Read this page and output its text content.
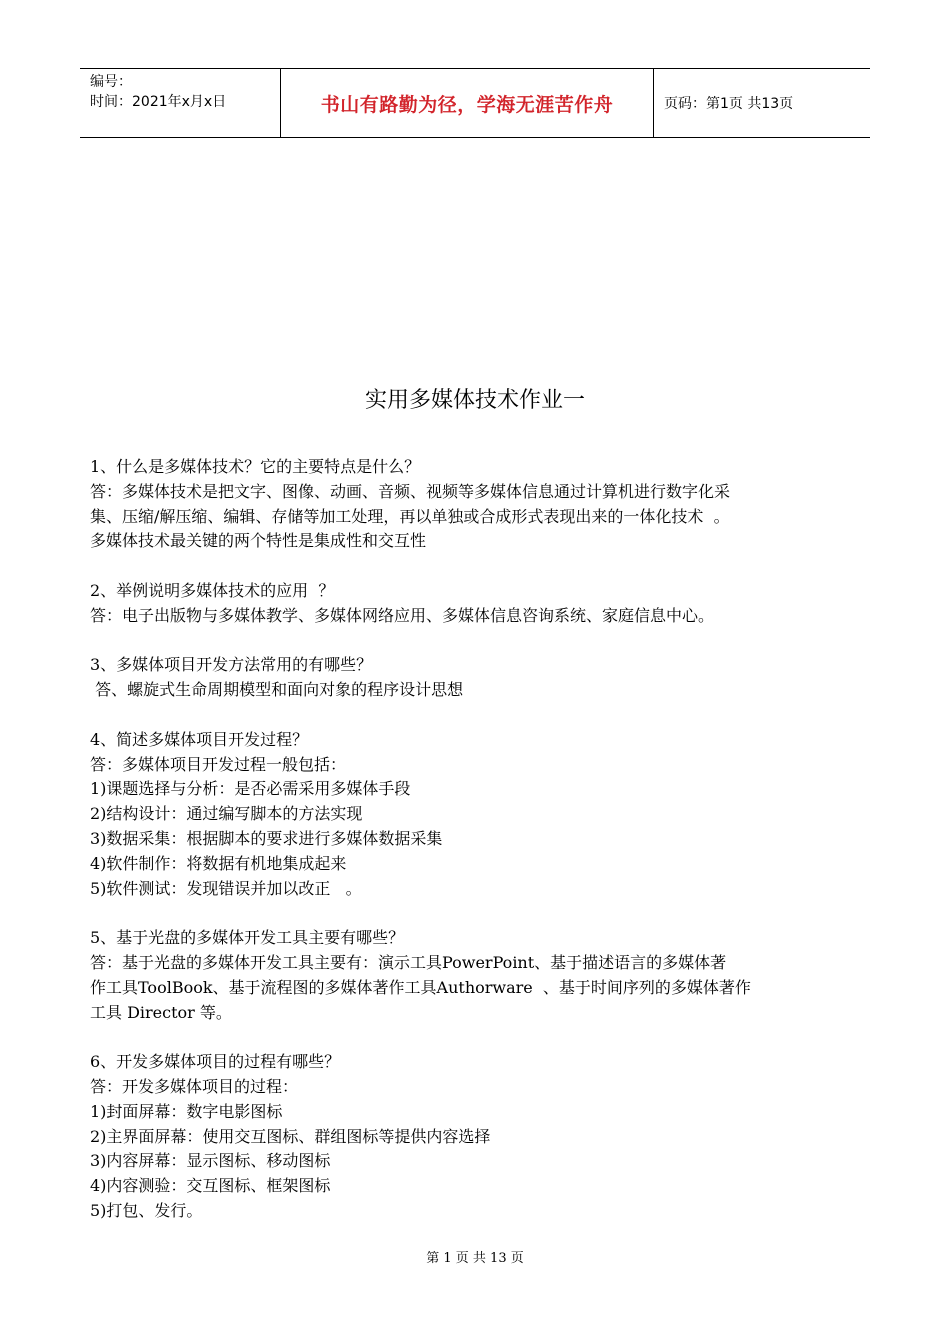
编号：
时间：2021年x月x日	书山有路勤为径，学海无涯苦作舟	页码：第1页 共13页
实用多媒体技术作业一

1、什么是多媒体技术？它的主要特点是什么？

答：多媒体技术是把文字、图像、动画、音频、视频等多媒体信息通过计算机进行数字化采

集、压缩/解压缩、编辑、存储等加工处理，再以单独或合成形式表现出来的一体化技术  。

多媒体技术最关键的两个特性是集成性和交互性

2、举例说明多媒体技术的应用  ？

答：电子出版物与多媒体教学、多媒体网络应用、多媒体信息咨询系统、家庭信息中心。

3、多媒体项目开发方法常用的有哪些？

答、螺旋式生命周期模型和面向对象的程序设计思想

4、简述多媒体项目开发过程？

答：多媒体项目开发过程一般包括：

1)课题选择与分析：是否必需采用多媒体手段

2)结构设计：通过编写脚本的方法实现

3)数据采集：根据脚本的要求进行多媒体数据采集

4)软件制作：将数据有机地集成起来

5)软件测试：发现错误并加以改正   。

5、基于光盘的多媒体开发工具主要有哪些？

答：基于光盘的多媒体开发工具主要有：演示工具PowerPoint、基于描述语言的多媒体著

作工具ToolBook、基于流程图的多媒体著作工具Authorware  、基于时间序列的多媒体著作

工具 Director 等。

6、开发多媒体项目的过程有哪些？

答：开发多媒体项目的过程：

1)封面屏幕：数字电影图标

2)主界面屏幕：使用交互图标、群组图标等提供内容选择

3)内容屏幕：显示图标、移动图标

4)内容测验：交互图标、框架图标

5)打包、发行。

第 1 页 共 13 页
